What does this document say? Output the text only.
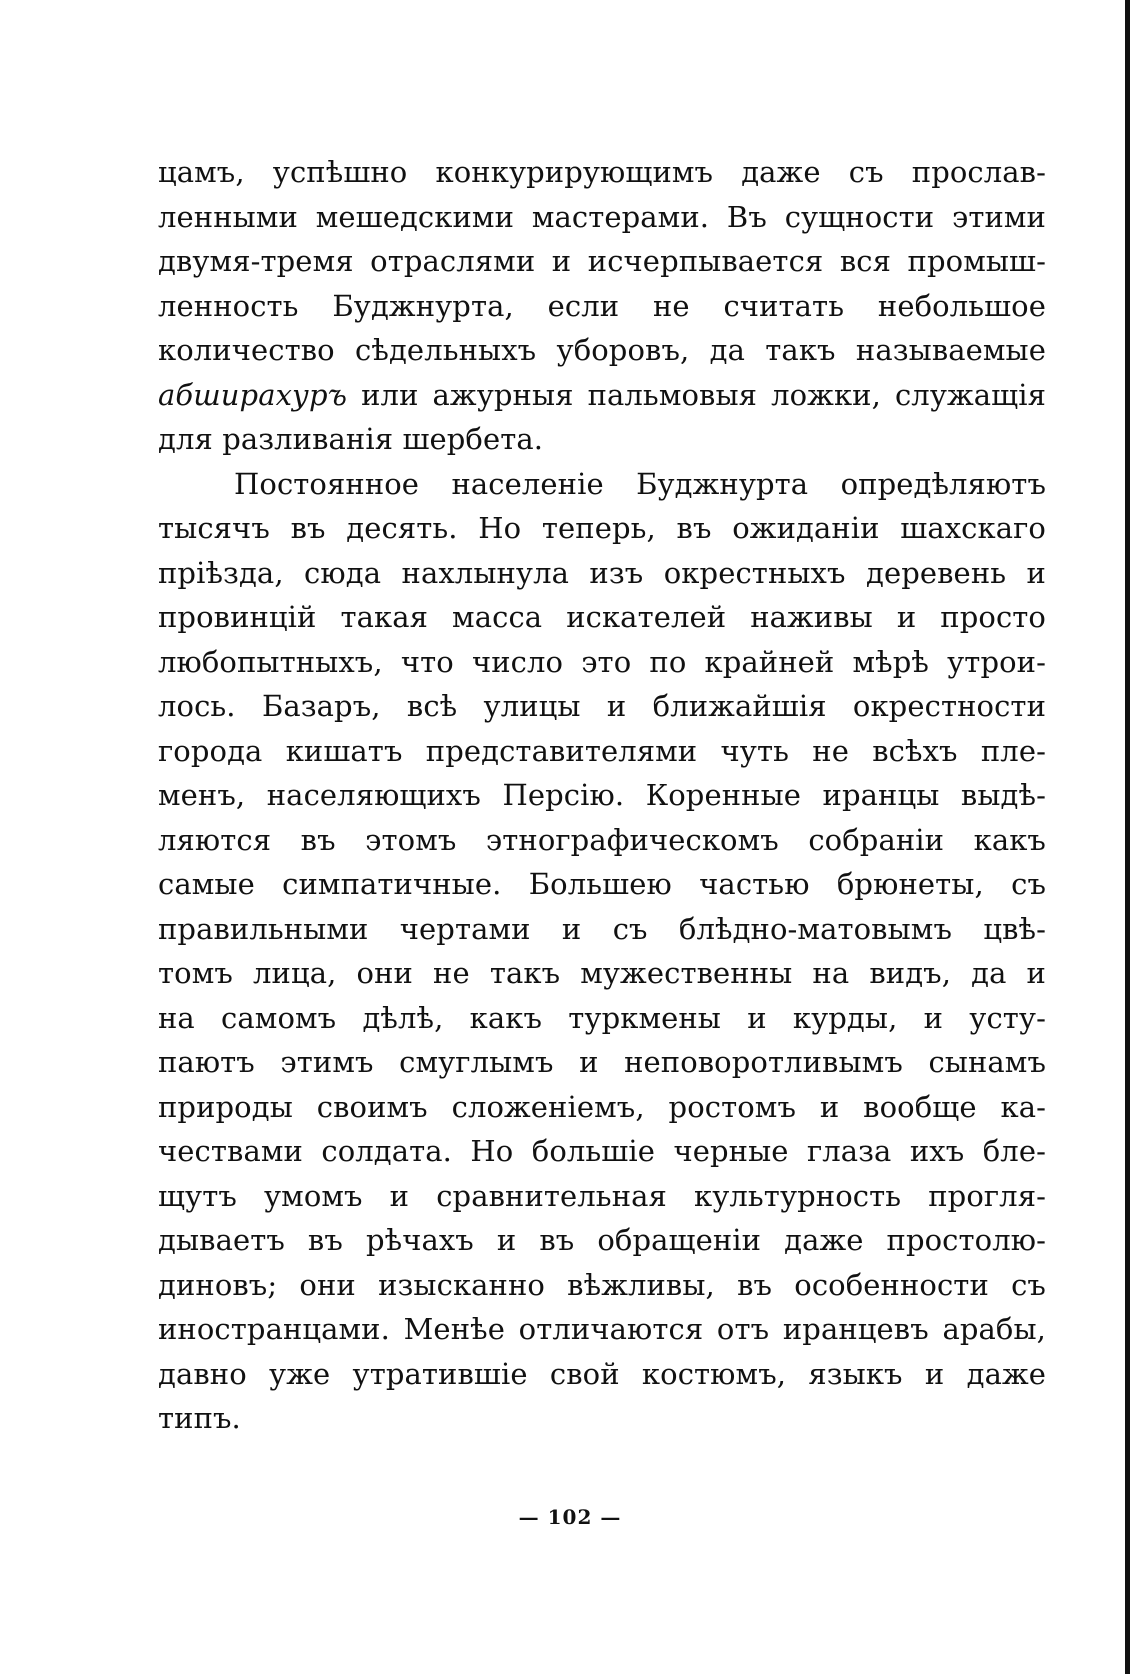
цамъ, успѣшно конкурирующимъ даже съ прослав-
ленными мешедскими мастерами. Въ сущности этими
двумя-тремя отраслями и исчерпывается вся промыш-
ленность Буджнурта, если не считать небольшое
количество сѣдельныхъ уборовъ, да такъ называемые
абширахуръ или ажурныя пальмовыя ложки, служащія
для разливанія шербета.
Постоянное населеніе Буджнурта опредѣляютъ
тысячъ въ десять. Но теперь, въ ожиданіи шахскаго
пріѣзда, сюда нахлынула изъ окрестныхъ деревень и
провинцій такая масса искателей наживы и просто
любопытныхъ, что число это по крайней мѣрѣ утрои-
лось. Базаръ, всѣ улицы и ближайшія окрестности
города кишатъ представителями чуть не всѣхъ пле-
менъ, населяющихъ Персію. Коренные иранцы выдѣ-
ляются въ этомъ этнографическомъ собраніи какъ
самые симпатичные. Большею частью брюнеты, съ
правильными чертами и съ блѣдно-матовымъ цвѣ-
томъ лица, они не такъ мужественны на видъ, да и
на самомъ дѣлѣ, какъ туркмены и курды, и усту-
паютъ этимъ смуглымъ и неповоротливымъ сынамъ
природы своимъ сложеніемъ, ростомъ и вообще ка-
чествами солдата. Но большіе черные глаза ихъ бле-
щутъ умомъ и сравнительная культурность прогля-
дываетъ въ рѣчахъ и въ обращеніи даже простолю-
диновъ; они изысканно вѣжливы, въ особенности съ
иностранцами. Менѣе отличаются отъ иранцевъ арабы,
давно уже утратившіе свой костюмъ, языкъ и даже
типъ.
— 102 —
